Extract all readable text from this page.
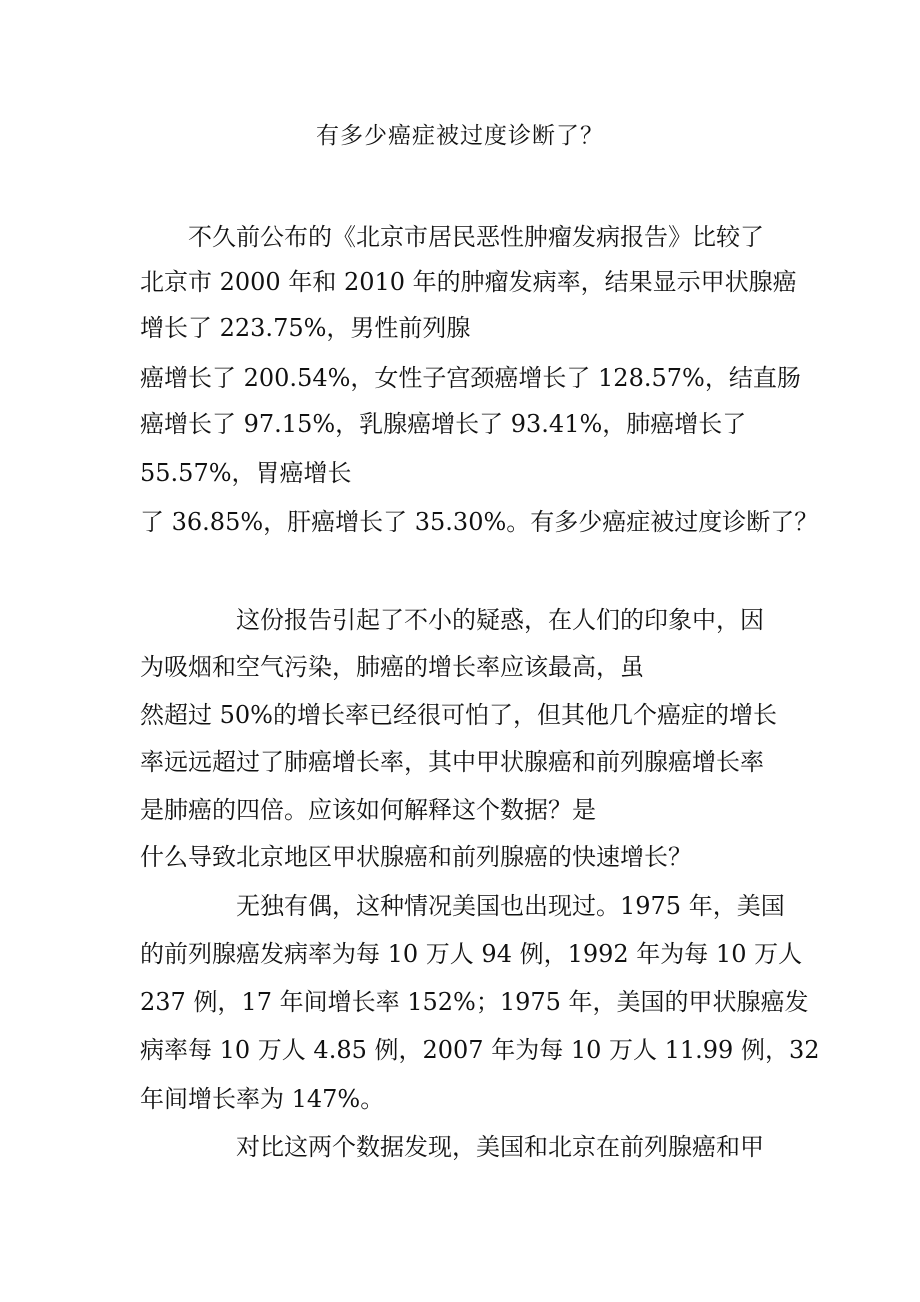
有多少癌症被过度诊断了？
不久前公布的《北京市居民恶性肿瘤发病报告》比较了
北京市 2000 年和 2010 年的肿瘤发病率，结果显示甲状腺癌
增长了 223.75%，男性前列腺
癌增长了 200.54%，女性子宫颈癌增长了 128.57%，结直肠
癌增长了 97.15%，乳腺癌增长了 93.41%，肺癌增长了
55.57%，胃癌增长
了 36.85%，肝癌增长了 35.30%。有多少癌症被过度诊断了？
这份报告引起了不小的疑惑，在人们的印象中，因
为吸烟和空气污染，肺癌的增长率应该最高，虽
然超过 50%的增长率已经很可怕了，但其他几个癌症的增长
率远远超过了肺癌增长率，其中甲状腺癌和前列腺癌增长率
是肺癌的四倍。应该如何解释这个数据？是
什么导致北京地区甲状腺癌和前列腺癌的快速增长？
无独有偶，这种情况美国也出现过。1975 年，美国
的前列腺癌发病率为每 10 万人 94 例，1992 年为每 10 万人
237 例，17 年间增长率 152%；1975 年，美国的甲状腺癌发
病率每 10 万人 4.85 例，2007 年为每 10 万人 11.99 例，32
年间增长率为 147%。
对比这两个数据发现，美国和北京在前列腺癌和甲
